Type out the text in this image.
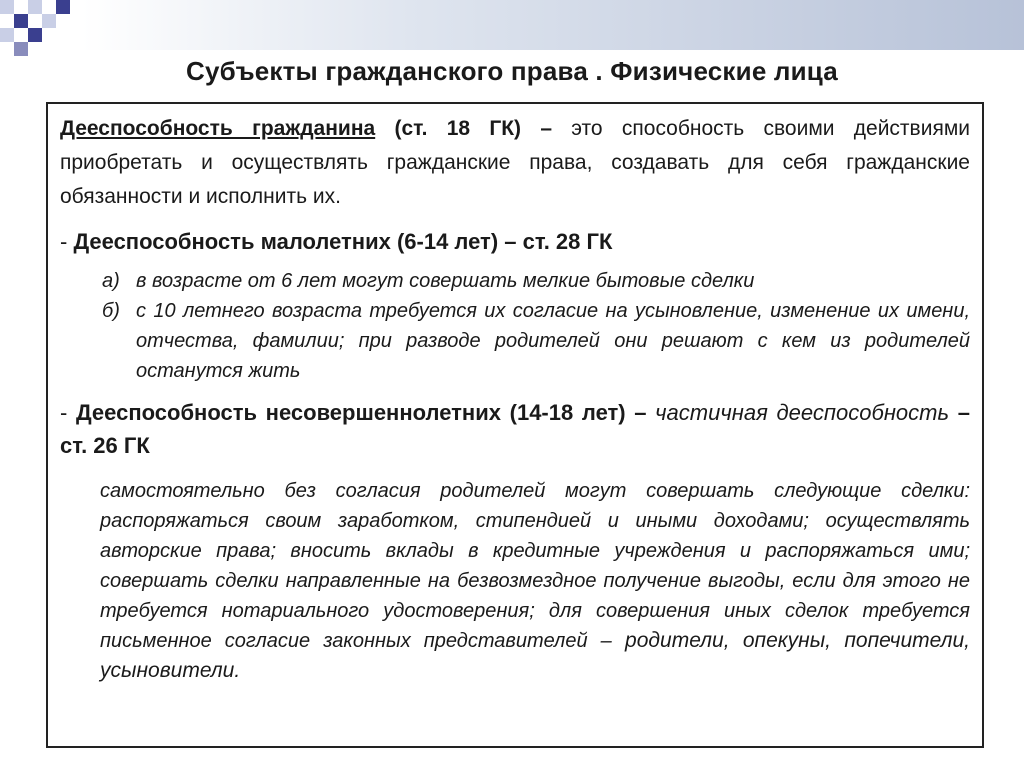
Субъекты гражданского права . Физические лица

Дееспособность гражданина (ст. 18 ГК) – это способность своими действиями приобретать и осуществлять гражданские права, создавать для себя гражданские обязанности и исполнить их.

- Дееспособность малолетних (6-14 лет) – ст. 28 ГК

а) в возрасте от 6 лет могут совершать мелкие бытовые сделки
б) с 10 летнего возраста требуется их согласие на усыновление, изменение их имени, отчества, фамилии; при разводе родителей они решают с кем из родителей останутся жить

- Дееспособность несовершеннолетних (14-18 лет) – частичная дееспособность – ст. 26 ГК

самостоятельно без согласия родителей могут совершать следующие сделки: распоряжаться своим заработком, стипендией и иными доходами; осуществлять авторские права; вносить вклады в кредитные учреждения и распоряжаться ими; совершать сделки направленные на безвозмездное получение выгоды, если для этого не требуется нотариального удостоверения; для совершения иных сделок требуется письменное согласие законных представителей – родители, опекуны, попечители, усыновители.
